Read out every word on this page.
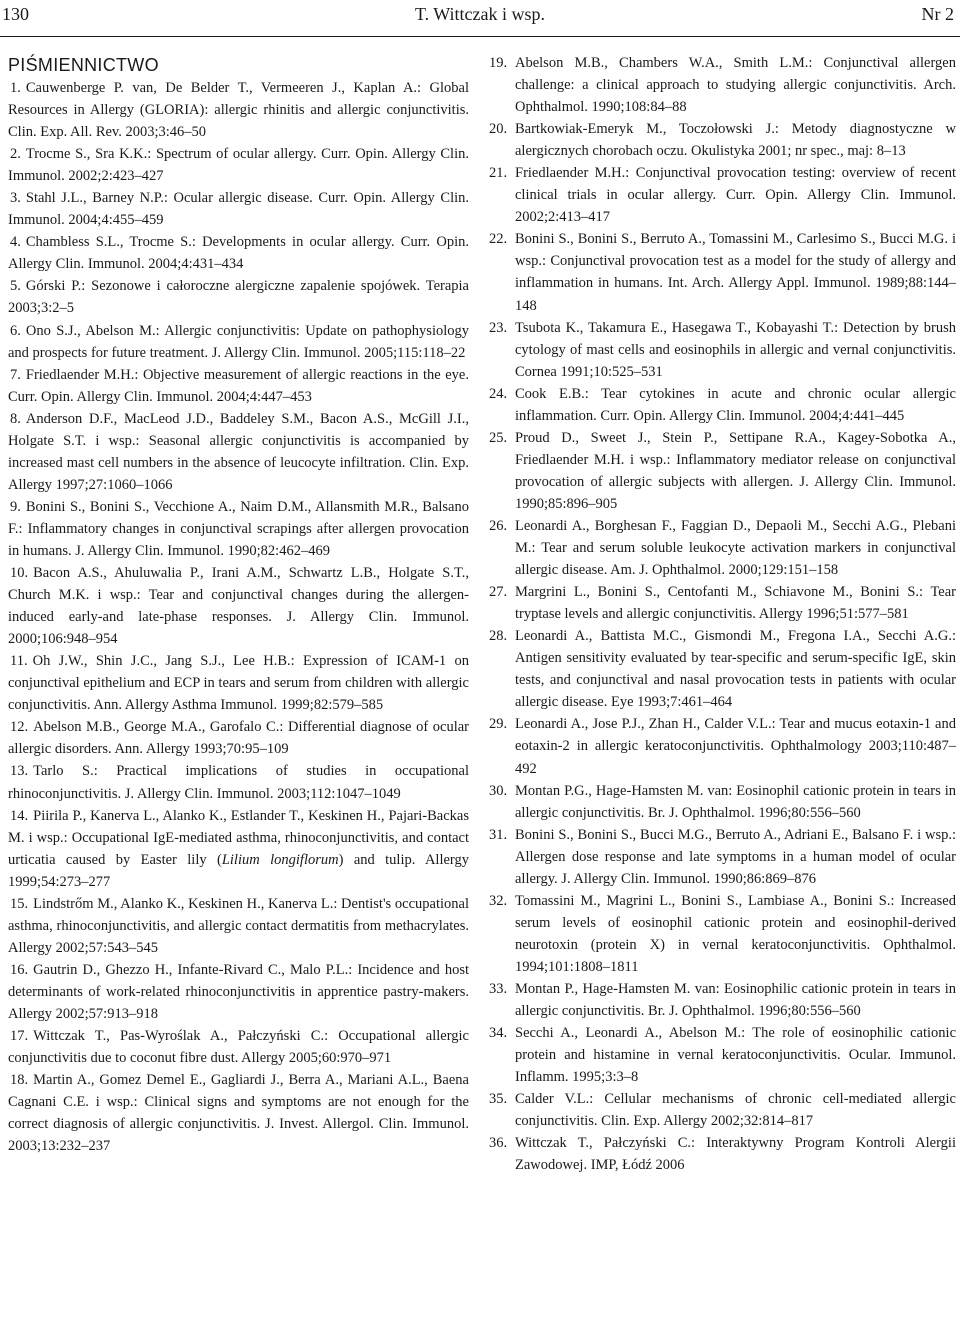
130	T. Wittczak i wsp.	Nr 2
PIŚMIENNICTWO
1. Cauwenberge P. van, De Belder T., Vermeeren J., Kaplan A.: Global Resources in Allergy (GLORIA): allergic rhinitis and allergic conjunctivitis. Clin. Exp. All. Rev. 2003;3:46–50
2. Trocme S., Sra K.K.: Spectrum of ocular allergy. Curr. Opin. Allergy Clin. Immunol. 2002;2:423–427
3. Stahl J.L., Barney N.P.: Ocular allergic disease. Curr. Opin. Allergy Clin. Immunol. 2004;4:455–459
4. Chambless S.L., Trocme S.: Developments in ocular allergy. Curr. Opin. Allergy Clin. Immunol. 2004;4:431–434
5. Górski P.: Sezonowe i całoroczne alergiczne zapalenie spojówek. Terapia 2003;3:2–5
6. Ono S.J., Abelson M.: Allergic conjunctivitis: Update on pathophysiology and prospects for future treatment. J. Allergy Clin. Immunol. 2005;115:118–22
7. Friedlaender M.H.: Objective measurement of allergic reactions in the eye. Curr. Opin. Allergy Clin. Immunol. 2004;4:447–453
8. Anderson D.F., MacLeod J.D., Baddeley S.M., Bacon A.S., McGill J.I., Holgate S.T. i wsp.: Seasonal allergic conjunctivitis is accompanied by increased mast cell numbers in the absence of leucocyte infiltration. Clin. Exp. Allergy 1997;27:1060–1066
9. Bonini S., Bonini S., Vecchione A., Naim D.M., Allansmith M.R., Balsano F.: Inflammatory changes in conjunctival scrapings after allergen provocation in humans. J. Allergy Clin. Immunol. 1990;82:462–469
10. Bacon A.S., Ahuluwalia P., Irani A.M., Schwartz L.B., Holgate S.T., Church M.K. i wsp.: Tear and conjunctival changes during the allergen-induced early-and late-phase responses. J. Allergy Clin. Immunol. 2000;106:948–954
11. Oh J.W., Shin J.C., Jang S.J., Lee H.B.: Expression of ICAM-1 on conjunctival epithelium and ECP in tears and serum from children with allergic conjunctivitis. Ann. Allergy Asthma Immunol. 1999;82:579–585
12. Abelson M.B., George M.A., Garofalo C.: Differential diagnose of ocular allergic disorders. Ann. Allergy 1993;70:95–109
13. Tarlo S.: Practical implications of studies in occupational rhinoconjunctivitis. J. Allergy Clin. Immunol. 2003;112:1047–1049
14. Piirila P., Kanerva L., Alanko K., Estlander T., Keskinen H., Pajari-Backas M. i wsp.: Occupational IgE-mediated asthma, rhinoconjunctivitis, and contact urticatia caused by Easter lily (Lilium longiflorum) and tulip. Allergy 1999;54:273–277
15. Lindstrőm M., Alanko K., Keskinen H., Kanerva L.: Dentist's occupational asthma, rhinoconjunctivitis, and allergic contact dermatitis from methacrylates. Allergy 2002;57:543–545
16. Gautrin D., Ghezzo H., Infante-Rivard C., Malo P.L.: Incidence and host determinants of work-related rhinoconjunctivitis in apprentice pastry-makers. Allergy 2002;57:913–918
17. Wittczak T., Pas-Wyroślak A., Pałczyński C.: Occupational allergic conjunctivitis due to coconut fibre dust. Allergy 2005;60:970–971
18. Martin A., Gomez Demel E., Gagliardi J., Berra A., Mariani A.L., Baena Cagnani C.E. i wsp.: Clinical signs and symptoms are not enough for the correct diagnosis of allergic conjunctivitis. J. Invest. Allergol. Clin. Immunol. 2003;13:232–237
19. Abelson M.B., Chambers W.A., Smith L.M.: Conjunctival allergen challenge: a clinical approach to studying allergic conjunctivitis. Arch. Ophthalmol. 1990;108:84–88
20. Bartkowiak-Emeryk M., Toczołowski J.: Metody diagnostyczne w alergicznych chorobach oczu. Okulistyka 2001; nr spec., maj: 8–13
21. Friedlaender M.H.: Conjunctival provocation testing: overview of recent clinical trials in ocular allergy. Curr. Opin. Allergy Clin. Immunol. 2002;2:413–417
22. Bonini S., Bonini S., Berruto A., Tomassini M., Carlesimo S., Bucci M.G. i wsp.: Conjunctival provocation test as a model for the study of allergy and inflammation in humans. Int. Arch. Allergy Appl. Immunol. 1989;88:144–148
23. Tsubota K., Takamura E., Hasegawa T., Kobayashi T.: Detection by brush cytology of mast cells and eosinophils in allergic and vernal conjunctivitis. Cornea 1991;10:525–531
24. Cook E.B.: Tear cytokines in acute and chronic ocular allergic inflammation. Curr. Opin. Allergy Clin. Immunol. 2004;4:441–445
25. Proud D., Sweet J., Stein P., Settipane R.A., Kagey-Sobotka A., Friedlaender M.H. i wsp.: Inflammatory mediator release on conjunctival provocation of allergic subjects with allergen. J. Allergy Clin. Immunol. 1990;85:896–905
26. Leonardi A., Borghesan F., Faggian D., Depaoli M., Secchi A.G., Plebani M.: Tear and serum soluble leukocyte activation markers in conjunctival allergic disease. Am. J. Ophthalmol. 2000;129:151–158
27. Margrini L., Bonini S., Centofanti M., Schiavone M., Bonini S.: Tear tryptase levels and allergic conjunctivitis. Allergy 1996;51:577–581
28. Leonardi A., Battista M.C., Gismondi M., Fregona I.A., Secchi A.G.: Antigen sensitivity evaluated by tear-specific and serum-specific IgE, skin tests, and conjunctival and nasal provocation tests in patients with ocular allergic disease. Eye 1993;7:461–464
29. Leonardi A., Jose P.J., Zhan H., Calder V.L.: Tear and mucus eotaxin-1 and eotaxin-2 in allergic keratoconjunctivitis. Ophthalmology 2003;110:487–492
30. Montan P.G., Hage-Hamsten M. van: Eosinophil cationic protein in tears in allergic conjunctivitis. Br. J. Ophthalmol. 1996;80:556–560
31. Bonini S., Bonini S., Bucci M.G., Berruto A., Adriani E., Balsano F. i wsp.: Allergen dose response and late symptoms in a human model of ocular allergy. J. Allergy Clin. Immunol. 1990;86:869–876
32. Tomassini M., Magrini L., Bonini S., Lambiase A., Bonini S.: Increased serum levels of eosinophil cationic protein and eosinophil-derived neurotoxin (protein X) in vernal keratoconjunctivitis. Ophthalmol. 1994;101:1808–1811
33. Montan P., Hage-Hamsten M. van: Eosinophilic cationic protein in tears in allergic conjunctivitis. Br. J. Ophthalmol. 1996;80:556–560
34. Secchi A., Leonardi A., Abelson M.: The role of eosinophilic cationic protein and histamine in vernal keratoconjunctivitis. Ocular. Immunol. Inflamm. 1995;3:3–8
35. Calder V.L.: Cellular mechanisms of chronic cell-mediated allergic conjunctivitis. Clin. Exp. Allergy 2002;32:814–817
36. Wittczak T., Pałczyński C.: Interaktywny Program Kontroli Alergii Zawodowej. IMP, Łódź 2006
